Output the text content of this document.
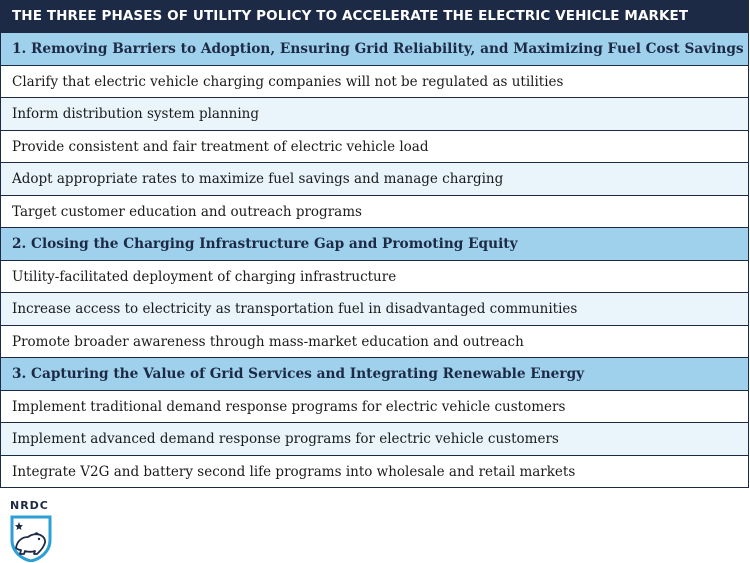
THE THREE PHASES OF UTILITY POLICY TO ACCELERATE THE ELECTRIC VEHICLE MARKET
1. Removing Barriers to Adoption, Ensuring Grid Reliability, and Maximizing Fuel Cost Savings
Clarify that electric vehicle charging companies will not be regulated as utilities
Inform distribution system planning
Provide consistent and fair treatment of electric vehicle load
Adopt appropriate rates to maximize fuel savings and manage charging
Target customer education and outreach programs
2. Closing the Charging Infrastructure Gap and Promoting Equity
Utility-facilitated deployment of charging infrastructure
Increase access to electricity as transportation fuel in disadvantaged communities
Promote broader awareness through mass-market education and outreach
3. Capturing the Value of Grid Services and Integrating Renewable Energy
Implement traditional demand response programs for electric vehicle customers
Implement advanced demand response programs for electric vehicle customers
Integrate V2G and battery second life programs into wholesale and retail markets
NRDC
